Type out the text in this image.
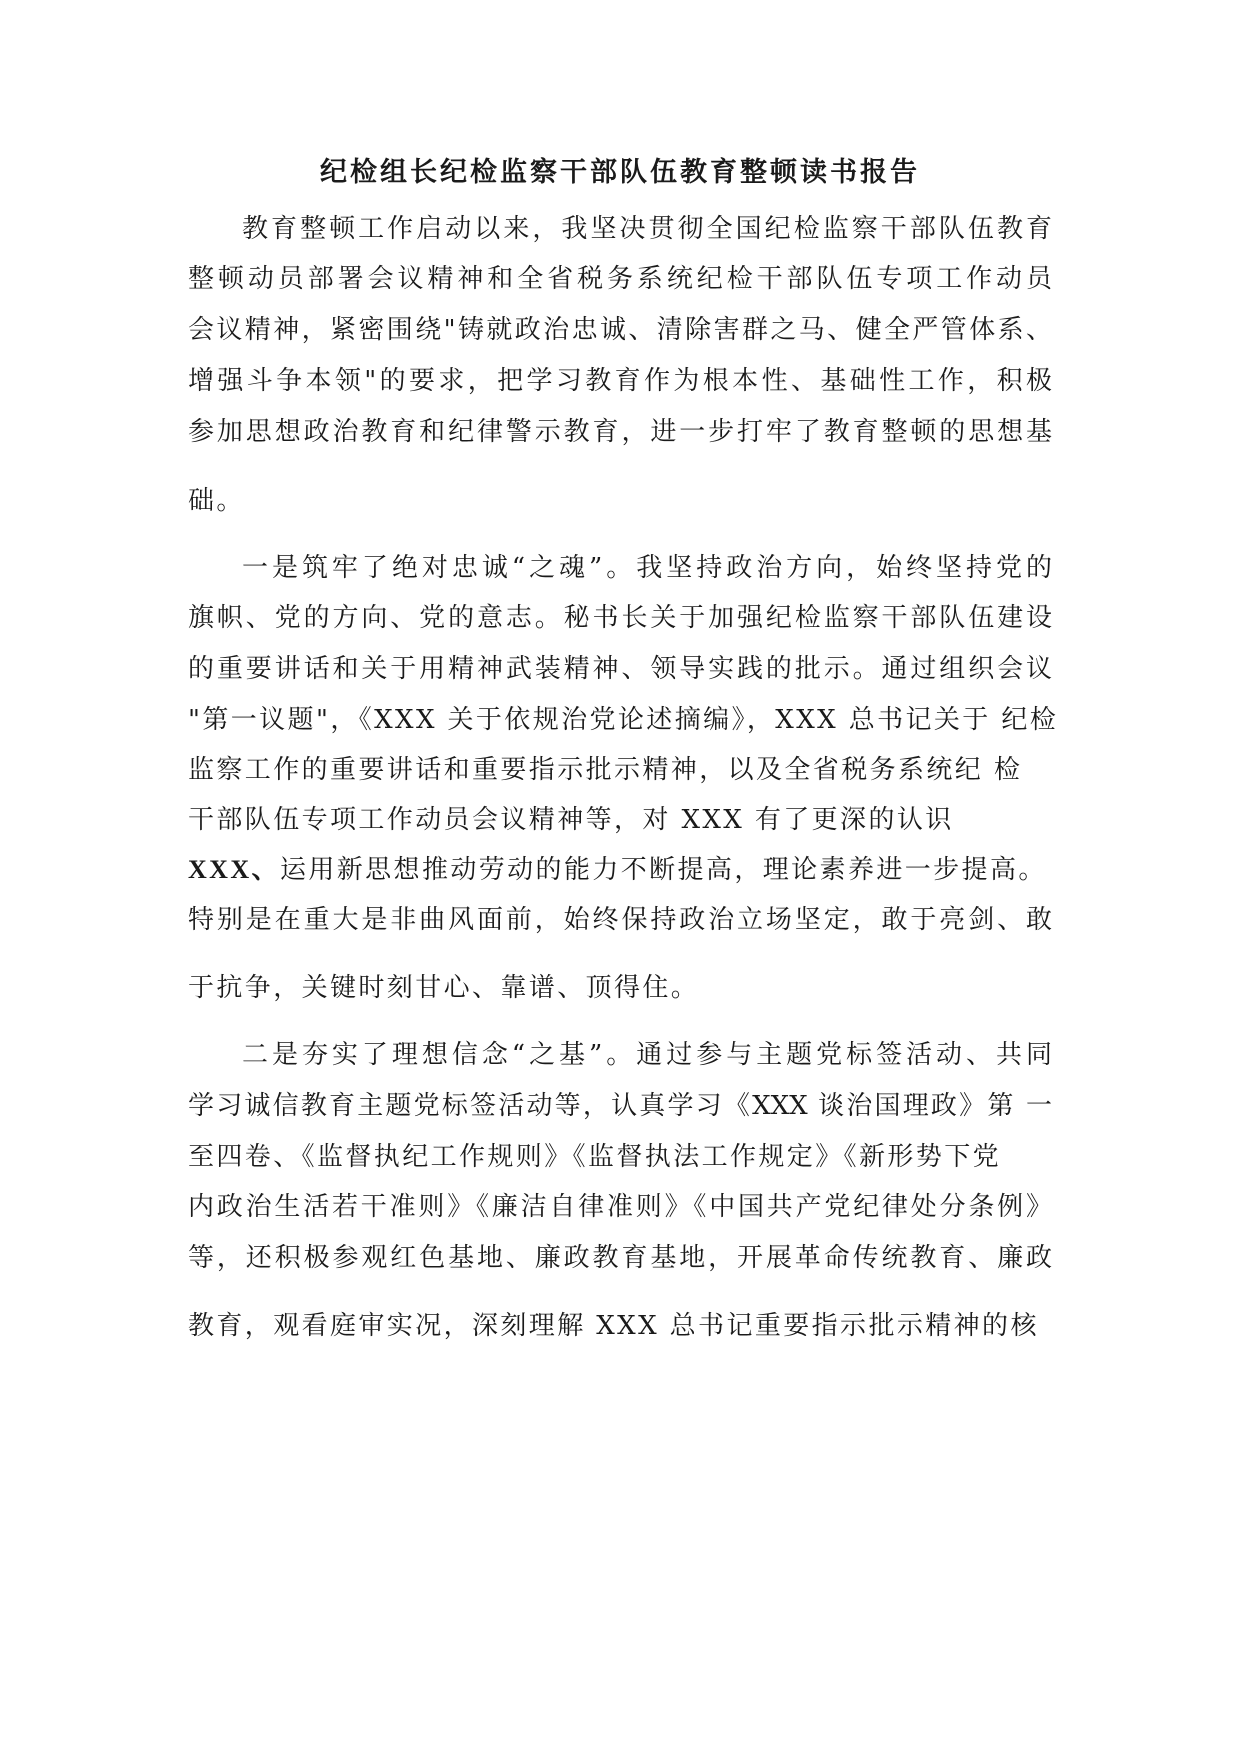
纪检组长纪检监察干部队伍教育整顿读书报告
教育整顿工作启动以来，我坚决贯彻全国纪检监察干部队伍教育
整顿动员部署会议精神和全省税务系统纪检干部队伍专项工作动员
会议精神，紧密围绕"铸就政治忠诚、清除害群之马、健全严管体系、
增强斗争本领"的要求，把学习教育作为根本性、基础性工作，积极
参加思想政治教育和纪律警示教育，进一步打牢了教育整顿的思想基
础。
一是筑牢了绝对忠诚“之魂”。我坚持政治方向，始终坚持党的
旗帜、党的方向、党的意志。秘书长关于加强纪检监察干部队伍建设
的重要讲话和关于用精神武装精神、领导实践的批示。通过组织会议
"第一议题"，《XXX 关于依规治党论述摘编》，XXX 总书记关于 纪检
监察工作的重要讲话和重要指示批示精神，以及全省税务系统纪 检
干部队伍专项工作动员会议精神等，对 XXX 有了更深的认识
XXX、运用新思想推动劳动的能力不断提高，理论素养进一步提高。
特别是在重大是非曲风面前，始终保持政治立场坚定，敢于亮剑、敢
于抗争，关键时刻甘心、靠谱、顶得住。
二是夯实了理想信念“之基”。通过参与主题党标签活动、共同
学习诚信教育主题党标签活动等，认真学习《XXX 谈治国理政》第 一
至四卷、《监督执纪工作规则》《监督执法工作规定》《新形势下党
内政治生活若干准则》《廉洁自律准则》《中国共产党纪律处分条例》
等，还积极参观红色基地、廉政教育基地，开展革命传统教育、廉政
教育，观看庭审实况，深刻理解 XXX 总书记重要指示批示精神的核
